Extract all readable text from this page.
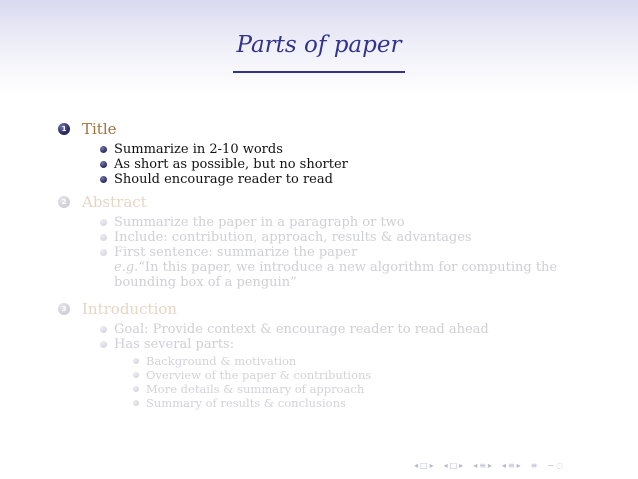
Parts of paper
1 Title
Summarize in 2-10 words
As short as possible, but no shorter
Should encourage reader to read
2 Abstract
Summarize the paper in a paragraph or two
Include: contribution, approach, results & advantages
First sentence: summarize the paper
e.g.“In this paper, we introduce a new algorithm for computing the
bounding box of a penguin”
3 Introduction
Goal: Provide context & encourage reader to read ahead
Has several parts:
Background & motivation
Overview of the paper & contributions
More details & summary of approach
Summary of results & conclusions
◂ □ ▸ ◂ □ ▸ ◂ ≡ ▸ ◂ ≡ ▸ ≡ ∽ ◌
